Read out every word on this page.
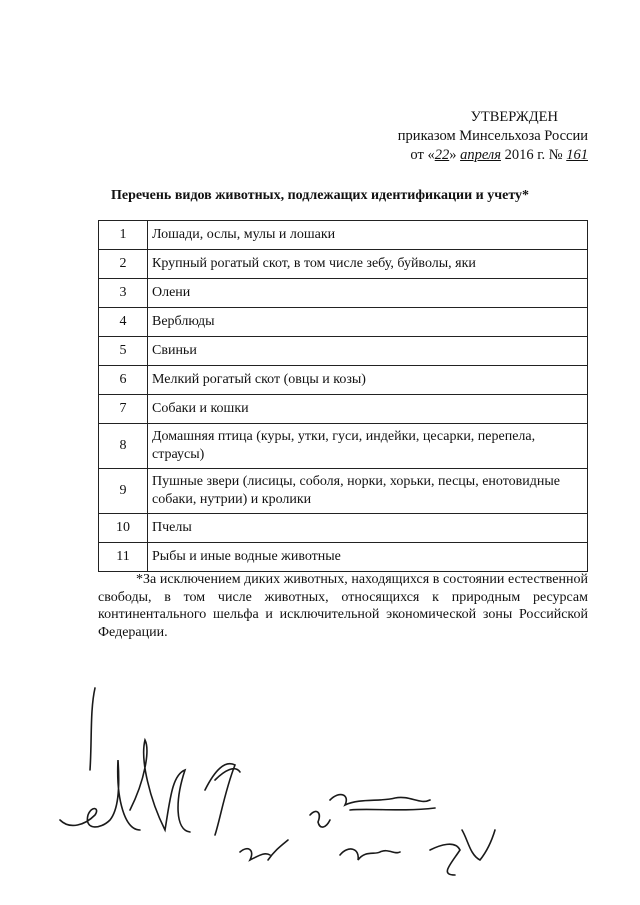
УТВЕРЖДЕН
приказом Минсельхоза России
от «22» апреля 2016 г. № 161
Перечень видов животных, подлежащих идентификации и учету*
1	Лошади, ослы, мулы и лошаки
2	Крупный рогатый скот, в том числе зебу, буйволы, яки
3	Олени
4	Верблюды
5	Свиньи
6	Мелкий рогатый скот (овцы и козы)
7	Собаки и кошки
8	Домашняя птица (куры, утки, гуси, индейки, цесарки, перепела, страусы)
9	Пушные звери (лисицы, соболя, норки, хорьки, песцы, енотовидные собаки, нутрии) и кролики
10	Пчелы
11	Рыбы и иные водные животные
*За исключением диких животных, находящихся в состоянии естественной свободы, в том числе животных, относящихся к природным ресурсам континентального шельфа и исключительной экономической зоны Российской Федерации.
